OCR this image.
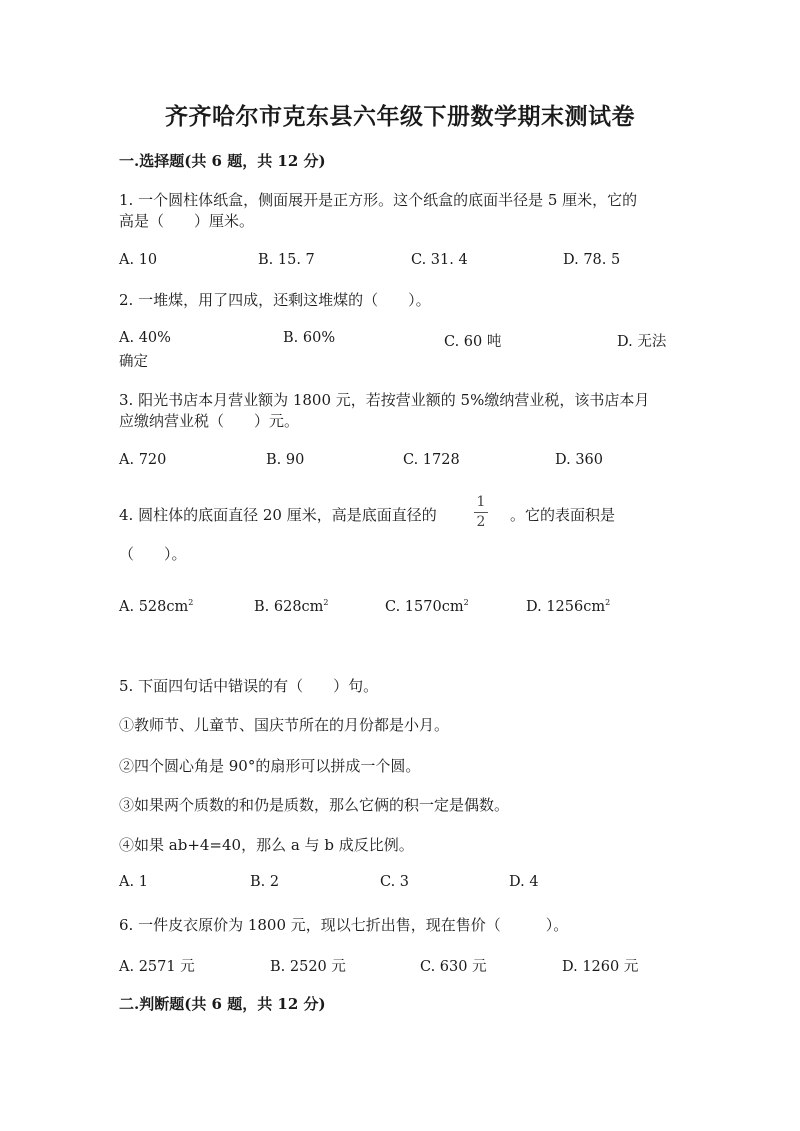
齐齐哈尔市克东县六年级下册数学期末测试卷
一.选择题(共 6 题，共 12 分)
1. 一个圆柱体纸盒，侧面展开是正方形。这个纸盒的底面半径是 5 厘米，它的
高是（　　）厘米。
A. 10	B. 15. 7	C. 31. 4	D. 78. 5
2. 一堆煤，用了四成，还剩这堆煤的（　　）。
A. 40%	B. 60%	C. 60 吨	D. 无法
确定
3. 阳光书店本月营业额为 1800 元，若按营业额的 5%缴纳营业税，该书店本月
应缴纳营业税（　　）元。
A. 720	B. 90	C. 1728	D. 360
4. 圆柱体的底面直径 20 厘米，高是底面直径的
1
2	。它的表面积是
（　　）。
A. $528cm^2$	B. $628cm^2$	C. $1570cm^2$	D. $1256cm^2$
5. 下面四句话中错误的有（　　）句。
①教师节、儿童节、国庆节所在的月份都是小月。
②四个圆心角是 90°的扇形可以拼成一个圆。
③如果两个质数的和仍是质数，那么它俩的积一定是偶数。
④如果 ab+4=40，那么 a 与 b 成反比例。
A. 1	B. 2	C. 3	D. 4
6. 一件皮衣原价为 1800 元，现以七折出售，现在售价（　　　）。
A. 2571 元	B. 2520 元	C. 630 元	D. 1260 元
二.判断题(共 6 题，共 12 分)
